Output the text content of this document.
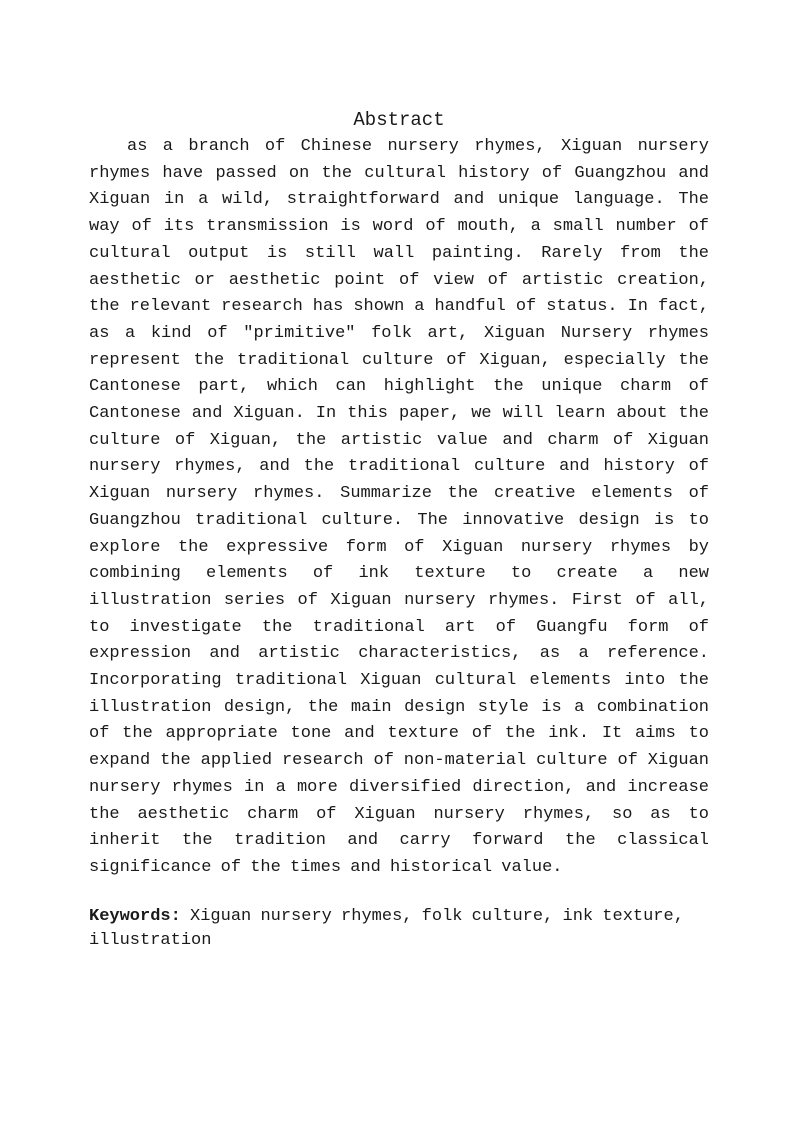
Abstract

as a branch of Chinese nursery rhymes, Xiguan nursery rhymes have passed on the cultural history of Guangzhou and Xiguan in a wild, straightforward and unique language. The way of its transmission is word of mouth, a small number of cultural output is still wall painting. Rarely from the aesthetic or aesthetic point of view of artistic creation, the relevant research has shown a handful of status. In fact, as a kind of "primitive" folk art, Xiguan Nursery rhymes represent the traditional culture of Xiguan, especially the Cantonese part, which can highlight the unique charm of Cantonese and Xiguan. In this paper, we will learn about the culture of Xiguan, the artistic value and charm of Xiguan nursery rhymes, and the traditional culture and history of Xiguan nursery rhymes. Summarize the creative elements of Guangzhou traditional culture. The innovative design is to explore the expressive form of Xiguan nursery rhymes by combining elements of ink texture to create a new illustration series of Xiguan nursery rhymes. First of all, to investigate the traditional art of Guangfu form of expression and artistic characteristics, as a reference. Incorporating traditional Xiguan cultural elements into the illustration design, the main design style is a combination of the appropriate tone and texture of the ink. It aims to expand the applied research of non-material culture of Xiguan nursery rhymes in a more diversified direction, and increase the aesthetic charm of Xiguan nursery rhymes, so as to inherit the tradition and carry forward the classical significance of the times and historical value.

Keywords: Xiguan nursery rhymes, folk culture, ink texture, illustration
